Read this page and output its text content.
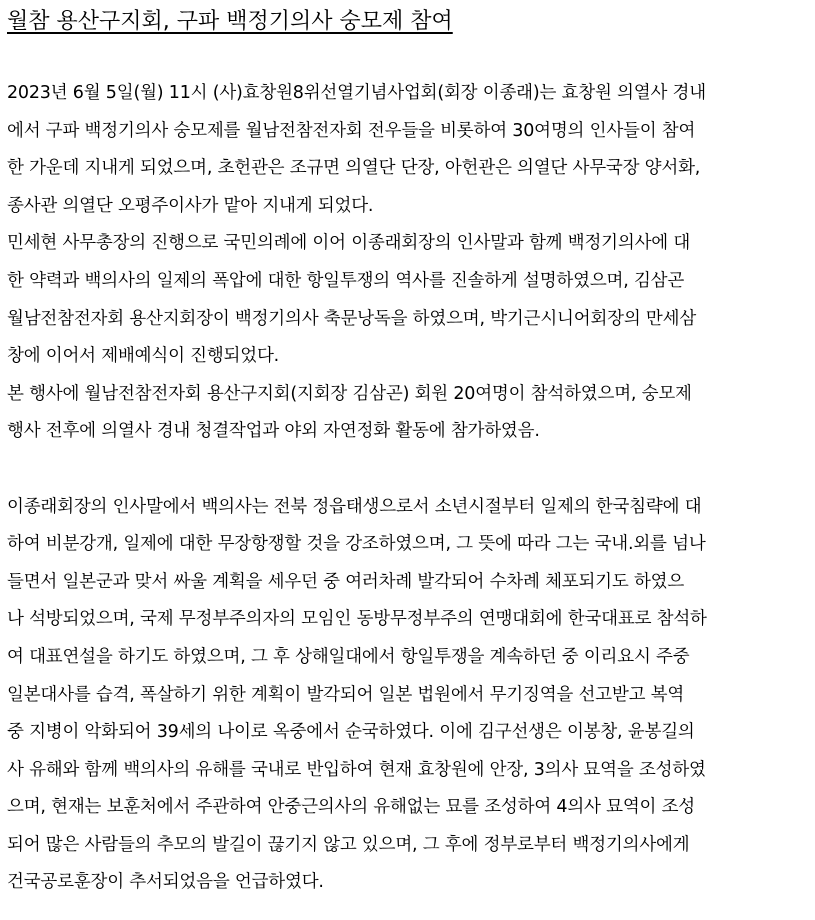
월참 용산구지회, 구파 백정기의사 숭모제 참여
2023년 6월 5일(월) 11시 (사)효창원8위선열기념사업회(회장 이종래)는 효창원 의열사 경내
에서 구파 백정기의사 숭모제를 월남전참전자회 전우들을 비롯하여 30여명의 인사들이 참여
한 가운데 지내게 되었으며, 초헌관은 조규면 의열단 단장, 아헌관은 의열단 사무국장 양서화,
종사관 의열단 오평주이사가 맡아 지내게 되었다.
민세현 사무총장의 진행으로 국민의례에 이어 이종래회장의 인사말과 함께 백정기의사에 대
한 약력과 백의사의 일제의 폭압에 대한 항일투쟁의 역사를 진솔하게 설명하였으며, 김삼곤
월남전참전자회 용산지회장이 백정기의사 축문낭독을 하였으며, 박기근시니어회장의 만세삼
창에 이어서 제배예식이 진행되었다.
본 행사에 월남전참전자회 용산구지회(지회장 김삼곤) 회원 20여명이 참석하였으며, 숭모제
행사 전후에 의열사 경내 청결작업과 야외 자연정화 활동에 참가하였음.
이종래회장의 인사말에서 백의사는 전북 정읍태생으로서 소년시절부터 일제의 한국침략에 대
하여 비분강개, 일제에 대한 무장항쟁할 것을 강조하였으며, 그 뜻에 따라 그는 국내.외를 넘나
들면서 일본군과 맞서 싸울 계획을 세우던 중 여러차례 발각되어 수차례 체포되기도 하였으
나 석방되었으며, 국제 무정부주의자의 모임인 동방무정부주의 연맹대회에 한국대표로 참석하
여 대표연설을 하기도 하였으며, 그 후 상해일대에서 항일투쟁을 계속하던 중 이리요시 주중
일본대사를 습격, 폭살하기 위한 계획이 발각되어 일본 법원에서 무기징역을 선고받고 복역
중 지병이 악화되어 39세의 나이로 옥중에서 순국하였다. 이에 김구선생은 이봉창, 윤봉길의
사 유해와 함께 백의사의 유해를 국내로 반입하여 현재 효창원에 안장, 3의사 묘역을 조성하였
으며, 현재는 보훈처에서 주관하여 안중근의사의 유해없는 묘를 조성하여 4의사 묘역이 조성
되어 많은 사람들의 추모의 발길이 끊기지 않고 있으며, 그 후에 정부로부터 백정기의사에게
건국공로훈장이 추서되었음을 언급하였다.
